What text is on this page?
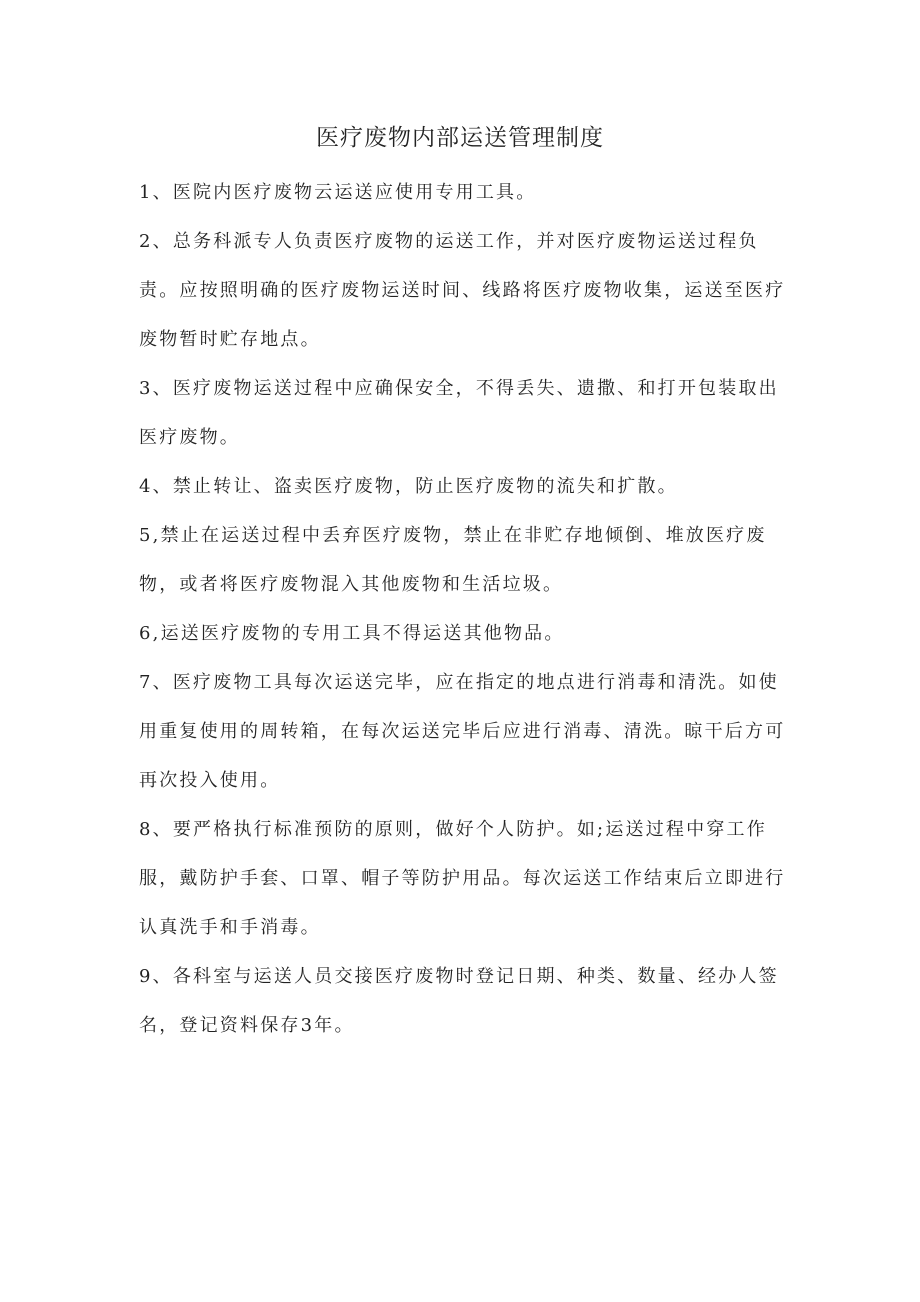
医疗废物内部运送管理制度

1、医院内医疗废物云运送应使用专用工具。

2、总务科派专人负责医疗废物的运送工作，并对医疗废物运送过程负责。应按照明确的医疗废物运送时间、线路将医疗废物收集，运送至医疗废物暂时贮存地点。

3、医疗废物运送过程中应确保安全，不得丢失、遗撒、和打开包装取出医疗废物。

4、禁止转让、盗卖医疗废物，防止医疗废物的流失和扩散。

5,禁止在运送过程中丢弃医疗废物，禁止在非贮存地倾倒、堆放医疗废物，或者将医疗废物混入其他废物和生活垃圾。

6,运送医疗废物的专用工具不得运送其他物品。

7、医疗废物工具每次运送完毕，应在指定的地点进行消毒和清洗。如使用重复使用的周转箱，在每次运送完毕后应进行消毒、清洗。晾干后方可再次投入使用。

8、要严格执行标准预防的原则，做好个人防护。如;运送过程中穿工作服，戴防护手套、口罩、帽子等防护用品。每次运送工作结束后立即进行认真洗手和手消毒。

9、各科室与运送人员交接医疗废物时登记日期、种类、数量、经办人签名，登记资料保存3年。
